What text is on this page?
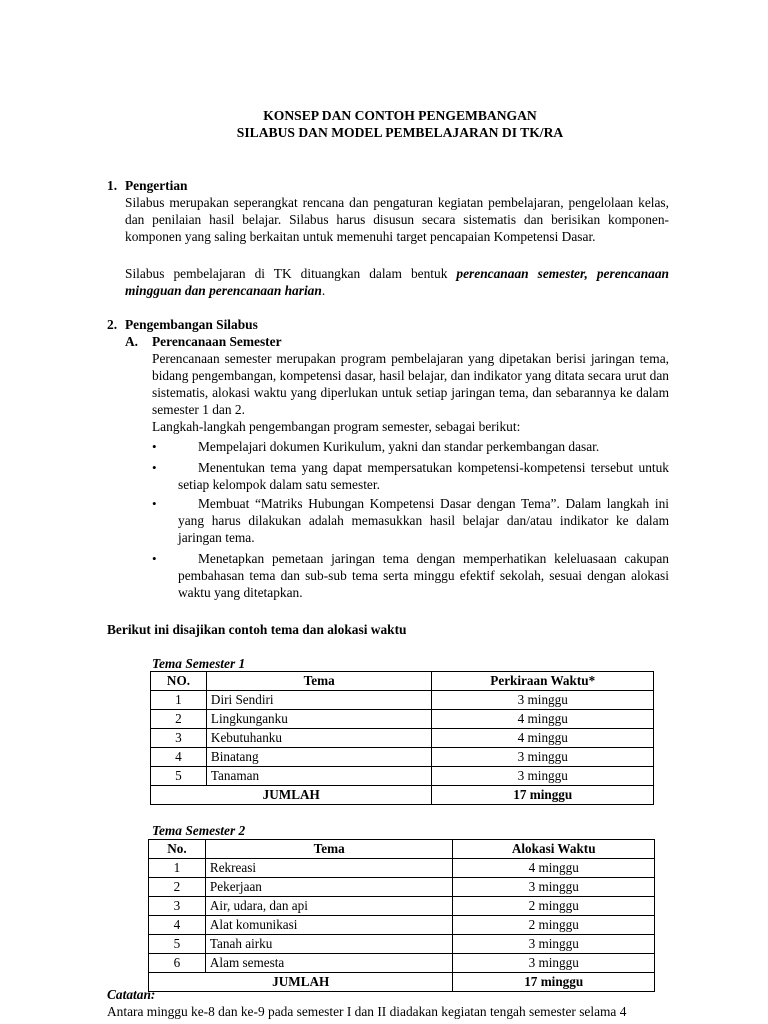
KONSEP DAN CONTOH PENGEMBANGAN
SILABUS DAN MODEL PEMBELAJARAN DI TK/RA
1. Pengertian
Silabus merupakan seperangkat rencana dan pengaturan kegiatan pembelajaran, pengelolaan kelas, dan penilaian hasil belajar. Silabus harus disusun secara sistematis dan berisikan komponen-komponen yang saling berkaitan untuk memenuhi target pencapaian Kompetensi Dasar.
Silabus pembelajaran di TK dituangkan dalam bentuk perencanaan semester, perencanaan mingguan dan perencanaan harian.
2. Pengembangan Silabus
A. Perencanaan Semester
Perencanaan semester merupakan program pembelajaran yang dipetakan berisi jaringan tema, bidang pengembangan, kompetensi dasar, hasil belajar, dan indikator yang ditata secara urut dan sistematis, alokasi waktu yang diperlukan untuk setiap jaringan tema, dan sebarannya ke dalam semester 1 dan 2.
Langkah-langkah pengembangan program semester, sebagai berikut:
•	Mempelajari dokumen Kurikulum, yakni dan standar perkembangan dasar.
•	Menentukan tema yang dapat mempersatukan kompetensi-kompetensi tersebut untuk setiap kelompok dalam satu semester.
•	Membuat “Matriks Hubungan Kompetensi Dasar dengan Tema”. Dalam langkah ini yang harus dilakukan adalah memasukkan hasil belajar dan/atau indikator ke dalam jaringan tema.
•	Menetapkan pemetaan jaringan tema dengan memperhatikan keleluasaan cakupan pembahasan tema dan sub-sub tema serta minggu efektif sekolah, sesuai dengan alokasi waktu yang ditetapkan.
Berikut ini disajikan contoh tema dan alokasi waktu
Tema Semester 1
NO.	Tema	Perkiraan Waktu*
1	Diri Sendiri	3 minggu
2	Lingkunganku	4 minggu
3	Kebutuhanku	4 minggu
4	Binatang	3 minggu
5	Tanaman	3 minggu
JUMLAH		17 minggu
Tema Semester 2
No.	Tema	Alokasi Waktu
1	Rekreasi	4 minggu
2	Pekerjaan	3 minggu
3	Air, udara, dan api	2 minggu
4	Alat komunikasi	2 minggu
5	Tanah airku	3 minggu
6	Alam semesta	3 minggu
JUMLAH		17 minggu
Catatan:
Antara minggu ke-8 dan ke-9 pada semester I dan II diadakan kegiatan tengah semester selama 4
